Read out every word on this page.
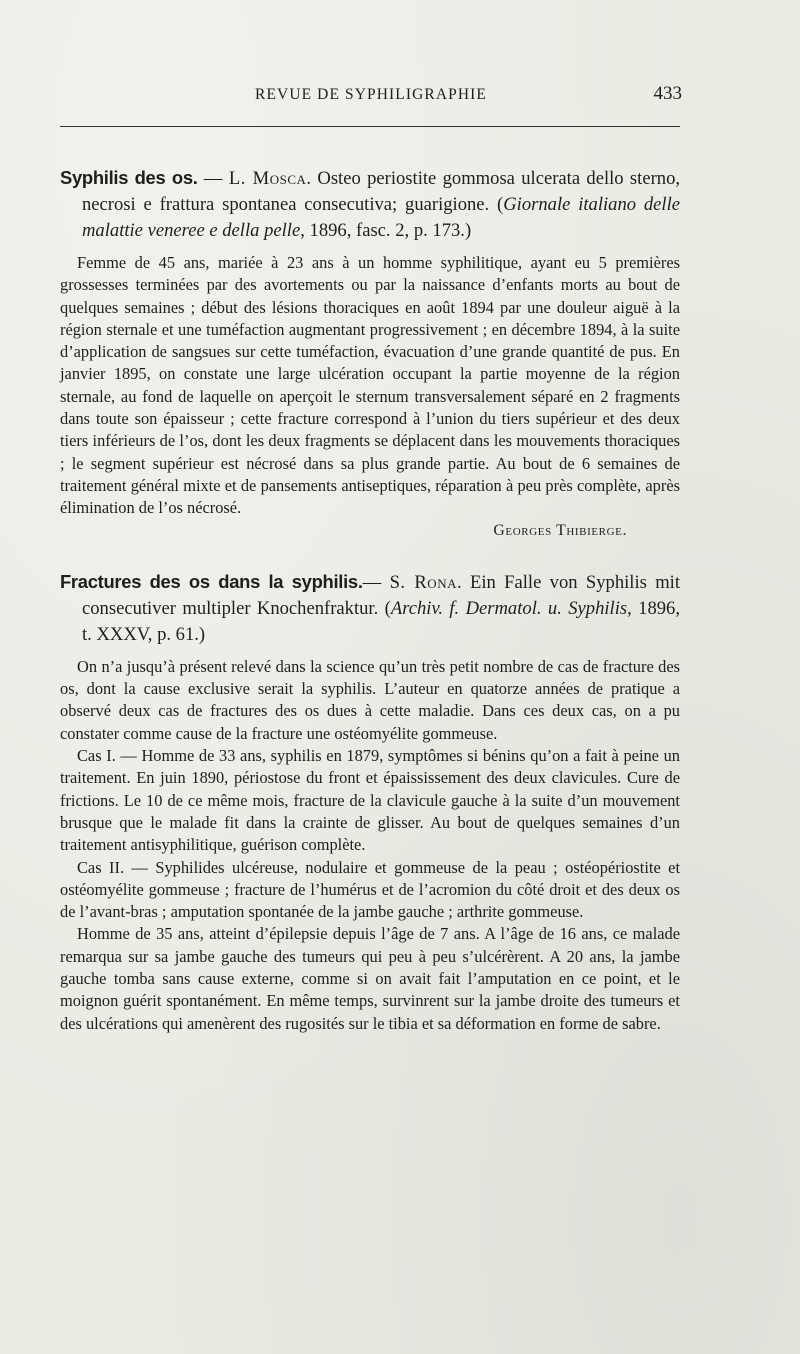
REVUE DE SYPHILIGRAPHIE	433

Syphilis des os. — L. Mosca. Osteo periostite gommosa ulcerata dello sterno, necrosi e frattura spontanea consecutiva; guarigione. (Giornale italiano delle malattie veneree e della pelle, 1896, fasc. 2, p. 173.)

Femme de 45 ans, mariée à 23 ans à un homme syphilitique, ayant eu 5 premières grossesses terminées par des avortements ou par la naissance d’enfants morts au bout de quelques semaines ; début des lésions thoraciques en août 1894 par une douleur aiguë à la région sternale et une tuméfaction augmentant progressivement ; en décembre 1894, à la suite d’application de sangsues sur cette tuméfaction, évacuation d’une grande quantité de pus. En janvier 1895, on constate une large ulcération occupant la partie moyenne de la région sternale, au fond de laquelle on aperçoit le sternum transversalement séparé en 2 fragments dans toute son épaisseur ; cette fracture correspond à l’union du tiers supérieur et des deux tiers inférieurs de l’os, dont les deux fragments se déplacent dans les mouvements thoraciques ; le segment supérieur est nécrosé dans sa plus grande partie. Au bout de 6 semaines de traitement général mixte et de pansements antiseptiques, réparation à peu près complète, après élimination de l’os nécrosé.

Georges Thibierge.

Fractures des os dans la syphilis.— S. Rona. Ein Falle von Syphilis mit consecutiver multipler Knochenfraktur. (Archiv. f. Dermatol. u. Syphilis, 1896, t. XXXV, p. 61.)

On n’a jusqu’à présent relevé dans la science qu’un très petit nombre de cas de fracture des os, dont la cause exclusive serait la syphilis. L’auteur en quatorze années de pratique a observé deux cas de fractures des os dues à cette maladie. Dans ces deux cas, on a pu constater comme cause de la fracture une ostéomyélite gommeuse.

Cas I. — Homme de 33 ans, syphilis en 1879, symptômes si bénins qu’on a fait à peine un traitement. En juin 1890, périostose du front et épaississement des deux clavicules. Cure de frictions. Le 10 de ce même mois, fracture de la clavicule gauche à la suite d’un mouvement brusque que le malade fit dans la crainte de glisser. Au bout de quelques semaines d’un traitement antisyphilitique, guérison complète.

Cas II. — Syphilides ulcéreuse, nodulaire et gommeuse de la peau ; ostéopériostite et ostéomyélite gommeuse ; fracture de l’humérus et de l’acromion du côté droit et des deux os de l’avant-bras ; amputation spontanée de la jambe gauche ; arthrite gommeuse.

Homme de 35 ans, atteint d’épilepsie depuis l’âge de 7 ans. A l’âge de 16 ans, ce malade remarqua sur sa jambe gauche des tumeurs qui peu à peu s’ulcérèrent. A 20 ans, la jambe gauche tomba sans cause externe, comme si on avait fait l’amputation en ce point, et le moignon guérit spontanément. En même temps, survinrent sur la jambe droite des tumeurs et des ulcérations qui amenèrent des rugosités sur le tibia et sa déformation en forme de sabre.
